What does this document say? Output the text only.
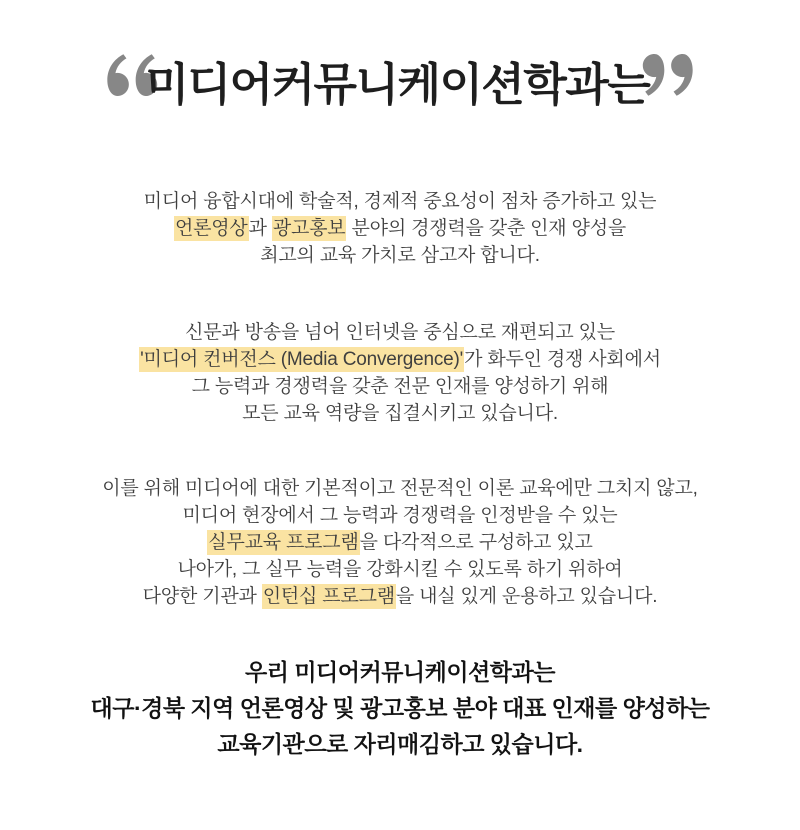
미디어커뮤니케이션학과는
미디어 융합시대에 학술적, 경제적 중요성이 점차 증가하고 있는
언론영상과 광고홍보 분야의 경쟁력을 갖춘 인재 양성을
최고의 교육 가치로 삼고자 합니다.
신문과 방송을 넘어 인터넷을 중심으로 재편되고 있는
'미디어 컨버전스 (Media Convergence)'가 화두인 경쟁 사회에서
그 능력과 경쟁력을 갖춘 전문 인재를 양성하기 위해
모든 교육 역량을 집결시키고 있습니다.
이를 위해 미디어에 대한 기본적이고 전문적인 이론 교육에만 그치지 않고,
미디어 현장에서 그 능력과 경쟁력을 인정받을 수 있는
실무교육 프로그램을 다각적으로 구성하고 있고
나아가, 그 실무 능력을 강화시킬 수 있도록 하기 위하여
다양한 기관과 인턴십 프로그램을 내실 있게 운용하고 있습니다.
우리 미디어커뮤니케이션학과는
대구·경북 지역 언론영상 및 광고홍보 분야 대표 인재를 양성하는
교육기관으로 자리매김하고 있습니다.
